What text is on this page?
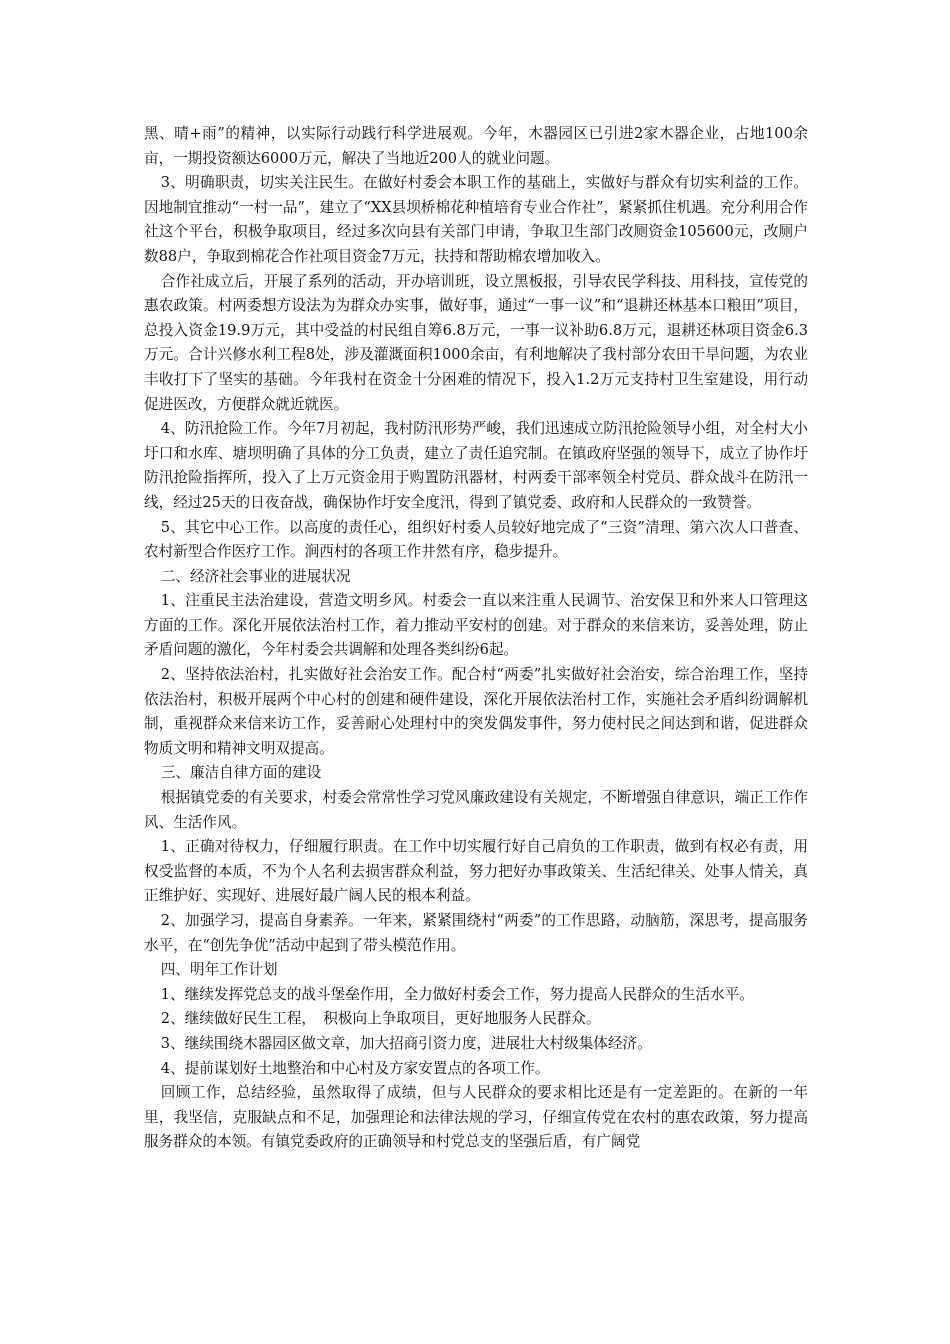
黑、晴+雨”的精神，以实际行动践行科学进展观。今年，木器园区已引进2家木器企业，占地100余亩，一期投资额达6000万元，解决了当地近200人的就业问题。

3、明确职责，切实关注民生。在做好村委会本职工作的基础上，实做好与群众有切实利益的工作。因地制宜推动“一村一品”，建立了“XX县坝桥棉花种植培育专业合作社”，紧紧抓住机遇。充分利用合作社这个平台，积极争取项目，经过多次向县有关部门申请，争取卫生部门改厕资金105600元，改厕户数88户，争取到棉花合作社项目资金7万元，扶持和帮助棉农增加收入。

合作社成立后，开展了系列的活动，开办培训班，设立黑板报，引导农民学科技、用科技，宣传党的惠农政策。村两委想方设法为为群众办实事，做好事，通过“一事一议”和“退耕还林基本口粮田”项目，总投入资金19.9万元，其中受益的村民组自筹6.8万元，一事一议补助6.8万元，退耕还林项目资金6.3万元。合计兴修水利工程8处，涉及灌溉面积1000余亩，有利地解决了我村部分农田干旱问题，为农业丰收打下了坚实的基础。今年我村在资金十分困难的情况下，投入1.2万元支持村卫生室建设，用行动促进医改，方便群众就近就医。

4、防汛抢险工作。今年7月初起，我村防汛形势严峻，我们迅速成立防汛抢险领导小组，对全村大小圩口和水库、塘坝明确了具体的分工负责，建立了责任追究制。在镇政府坚强的领导下，成立了协作圩防汛抢险指挥所，投入了上万元资金用于购置防汛器材，村两委干部率领全村党员、群众战斗在防汛一线，经过25天的日夜奋战，确保协作圩安全度汛，得到了镇党委、政府和人民群众的一致赞誉。

5、其它中心工作。以高度的责任心，组织好村委人员较好地完成了“三资”清理、第六次人口普查、农村新型合作医疗工作。涧西村的各项工作井然有序，稳步提升。

二、经济社会事业的进展状况

1、注重民主法治建设，营造文明乡风。村委会一直以来注重人民调节、治安保卫和外来人口管理这方面的工作。深化开展依法治村工作，着力推动平安村的创建。对于群众的来信来访，妥善处理，防止矛盾问题的激化，今年村委会共调解和处理各类纠纷6起。

2、坚持依法治村，扎实做好社会治安工作。配合村“两委”扎实做好社会治安，综合治理工作，坚持依法治村，积极开展两个中心村的创建和硬件建设，深化开展依法治村工作，实施社会矛盾纠纷调解机制，重视群众来信来访工作，妥善耐心处理村中的突发偶发事件，努力使村民之间达到和谐，促进群众物质文明和精神文明双提高。

三、廉洁自律方面的建设

根据镇党委的有关要求，村委会常常性学习党风廉政建设有关规定，不断增强自律意识，端正工作作风、生活作风。

1、正确对待权力，仔细履行职责。在工作中切实履行好自己肩负的工作职责，做到有权必有责，用权受监督的本质，不为个人名利去损害群众利益，努力把好办事政策关、生活纪律关、处事人情关，真正维护好、实现好、进展好最广阔人民的根本利益。

2、加强学习，提高自身素养。一年来，紧紧围绕村“两委”的工作思路，动脑筋，深思考，提高服务水平，在“创先争优”活动中起到了带头模范作用。

四、明年工作计划

1、继续发挥党总支的战斗堡垒作用，全力做好村委会工作，努力提高人民群众的生活水平。

2、继续做好民生工程，　积极向上争取项目，更好地服务人民群众。

3、继续围绕木器园区做文章，加大招商引资力度，进展壮大村级集体经济。

4、提前谋划好土地整治和中心村及方家安置点的各项工作。

回顾工作，总结经验，虽然取得了成绩，但与人民群众的要求相比还是有一定差距的。在新的一年里，我坚信，克服缺点和不足，加强理论和法律法规的学习，仔细宣传党在农村的惠农政策，努力提高服务群众的本领。有镇党委政府的正确领导和村党总支的坚强后盾，有广阔党
